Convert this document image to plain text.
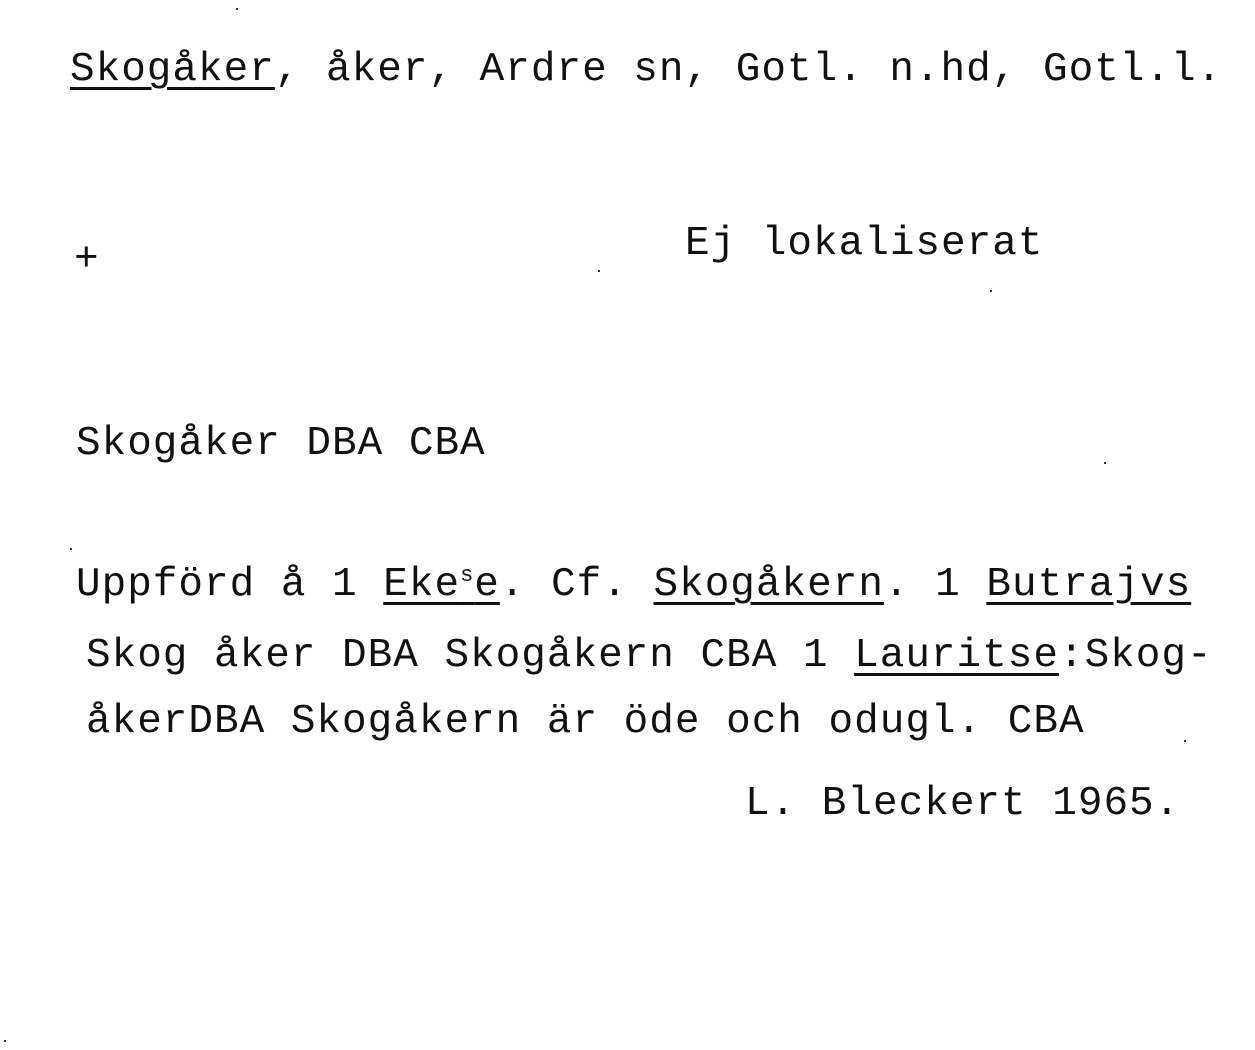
Skogåker, åker, Ardre sn, Gotl. n.hd, Gotl.l.
+	Ej lokaliserat
Skogåker DBA CBA
Uppförd å 1 Eke$^s$e. Cf. Skogåkern. 1 Butrajvs
Skog åker DBA Skogåkern CBA 1 Lauritse:Skog-
åkerDBA Skogåkern är öde och odugl. CBA
L. Bleckert 1965.
